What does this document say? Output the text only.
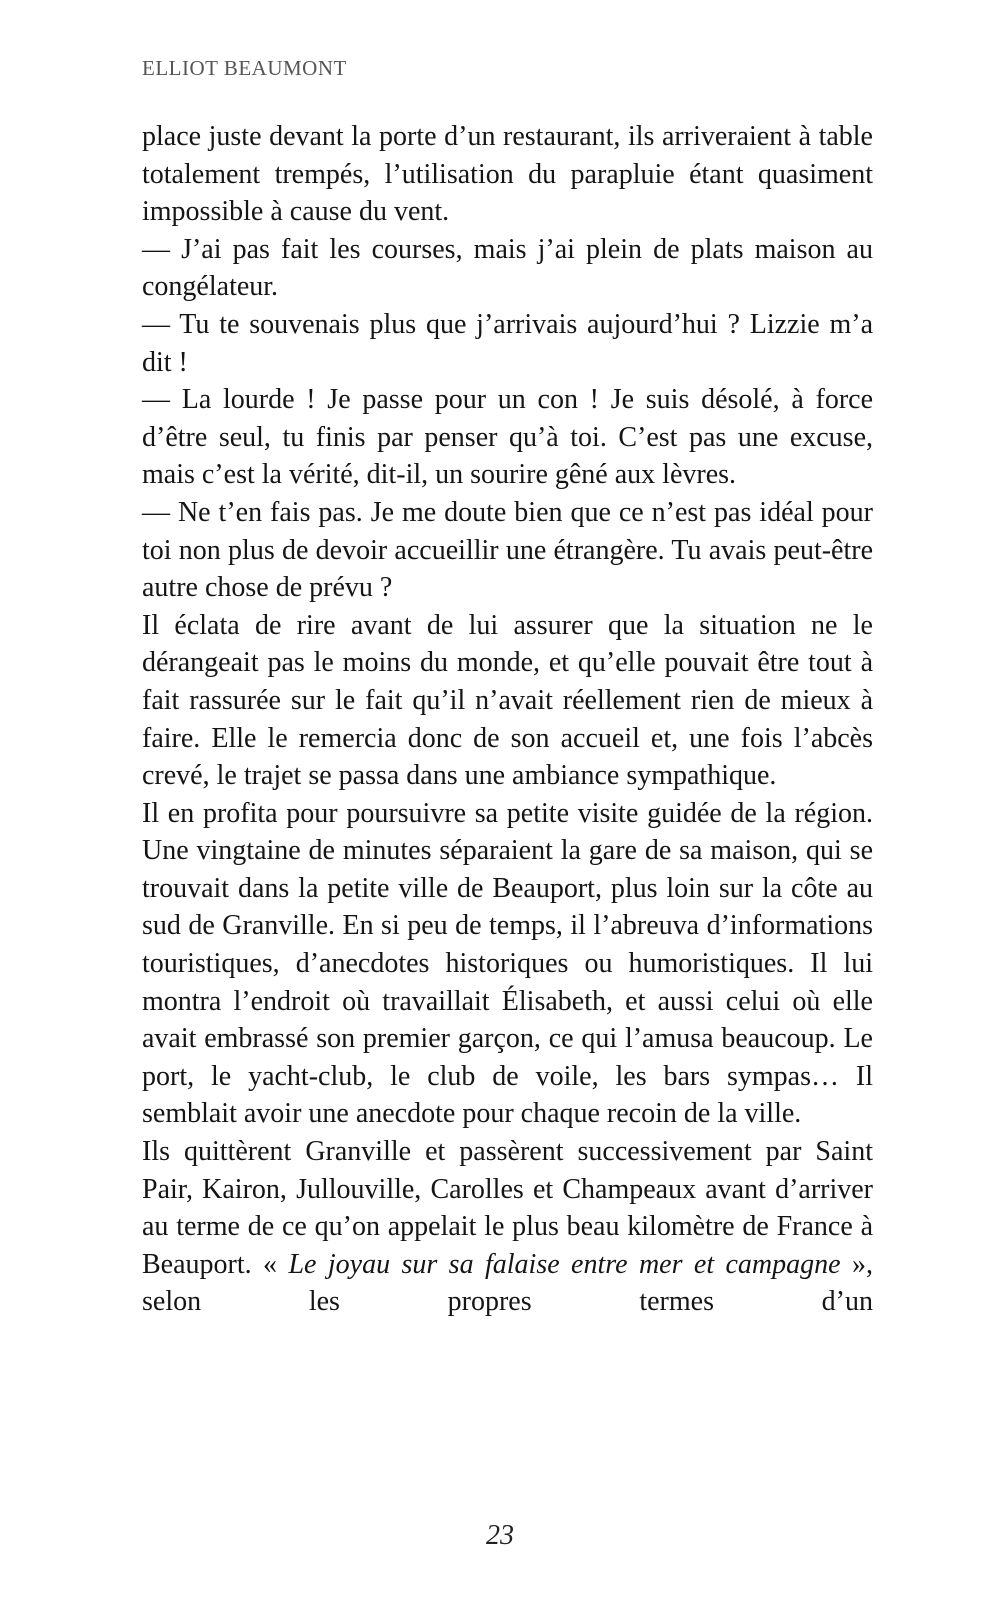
ELLIOT BEAUMONT

place juste devant la porte d’un restaurant, ils arriveraient à table totalement trempés, l’utilisation du parapluie étant quasiment impossible à cause du vent.

— J’ai pas fait les courses, mais j’ai plein de plats maison au congélateur.

— Tu te souvenais plus que j’arrivais aujourd’hui ? Lizzie m’a dit !

— La lourde ! Je passe pour un con ! Je suis désolé, à force d’être seul, tu finis par penser qu’à toi. C’est pas une excuse, mais c’est la vérité, dit-il, un sourire gêné aux lèvres.

— Ne t’en fais pas. Je me doute bien que ce n’est pas idéal pour toi non plus de devoir accueillir une étrangère. Tu avais peut-être autre chose de prévu ?

Il éclata de rire avant de lui assurer que la situation ne le dérangeait pas le moins du monde, et qu’elle pouvait être tout à fait rassurée sur le fait qu’il n’avait réellement rien de mieux à faire. Elle le remercia donc de son accueil et, une fois l’abcès crevé, le trajet se passa dans une ambiance sympathique.

Il en profita pour poursuivre sa petite visite guidée de la région. Une vingtaine de minutes séparaient la gare de sa maison, qui se trouvait dans la petite ville de Beauport, plus loin sur la côte au sud de Granville. En si peu de temps, il l’abreuva d’informations touristiques, d’anecdotes historiques ou humoristiques. Il lui montra l’endroit où travaillait Élisabeth, et aussi celui où elle avait embrassé son premier garçon, ce qui l’amusa beaucoup. Le port, le yacht-club, le club de voile, les bars sympas… Il semblait avoir une anecdote pour chaque recoin de la ville.

Ils quittèrent Granville et passèrent successivement par Saint Pair, Kairon, Jullouville, Carolles et Champeaux avant d’arriver au terme de ce qu’on appelait le plus beau kilomètre de France à Beauport. « Le joyau sur sa falaise entre mer et campagne », selon les propres termes d’un

23
